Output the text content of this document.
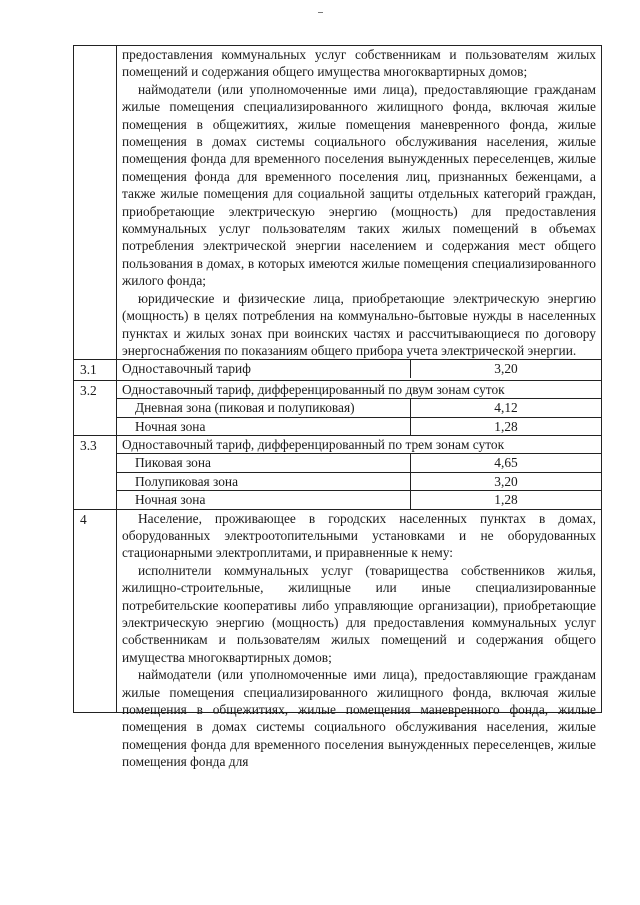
предоставления коммунальных услуг собственникам и пользователям жилых помещений и содержания общего имущества многоквартирных домов;

наймодатели (или уполномоченные ими лица), предоставляющие гражданам жилые помещения специализированного жилищного фонда, включая жилые помещения в общежитиях, жилые помещения маневренного фонда, жилые помещения в домах системы социального обслуживания населения, жилые помещения фонда для временного поселения вынужденных переселенцев, жилые помещения фонда для временного поселения лиц, признанных беженцами, а также жилые помещения для социальной защиты отдельных категорий граждан, приобретающие электрическую энергию (мощность) для предоставления коммунальных услуг пользователям таких жилых помещений в объемах потребления электрической энергии населением и содержания мест общего пользования в домах, в которых имеются жилые помещения специализированного жилого фонда;

юридические и физические лица, приобретающие электрическую энергию (мощность) в целях потребления на коммунально-бытовые нужды в населенных пунктах и жилых зонах при воинских частях и рассчитывающиеся по договору энергоснабжения по показаниям общего прибора учета электрической энергии.

3.1	Одноставочный тариф	3,20

3.2	Одноставочный тариф, дифференцированный по двум зонам суток
Дневная зона (пиковая и полупиковая)	4,12
Ночная зона	1,28

3.3	Одноставочный тариф, дифференцированный по трем зонам суток
Пиковая зона	4,65
Полупиковая зона	3,20
Ночная зона	1,28

4	Население, проживающее в городских населенных пунктах в домах, оборудованных электроотопительными установками и не оборудованных стационарными электроплитами, и приравненные к нему:

исполнители коммунальных услуг (товарищества собственников жилья, жилищно-строительные, жилищные или иные специализированные потребительские кооперативы либо управляющие организации), приобретающие электрическую энергию (мощность) для предоставления коммунальных услуг собственникам и пользователям жилых помещений и содержания общего имущества многоквартирных домов;

наймодатели (или уполномоченные ими лица), предоставляющие гражданам жилые помещения специализированного жилищного фонда, включая жилые помещения в общежитиях, жилые помещения маневренного фонда, жилые помещения в домах системы социального обслуживания населения, жилые помещения фонда для временного поселения вынужденных переселенцев, жилые помещения фонда для
